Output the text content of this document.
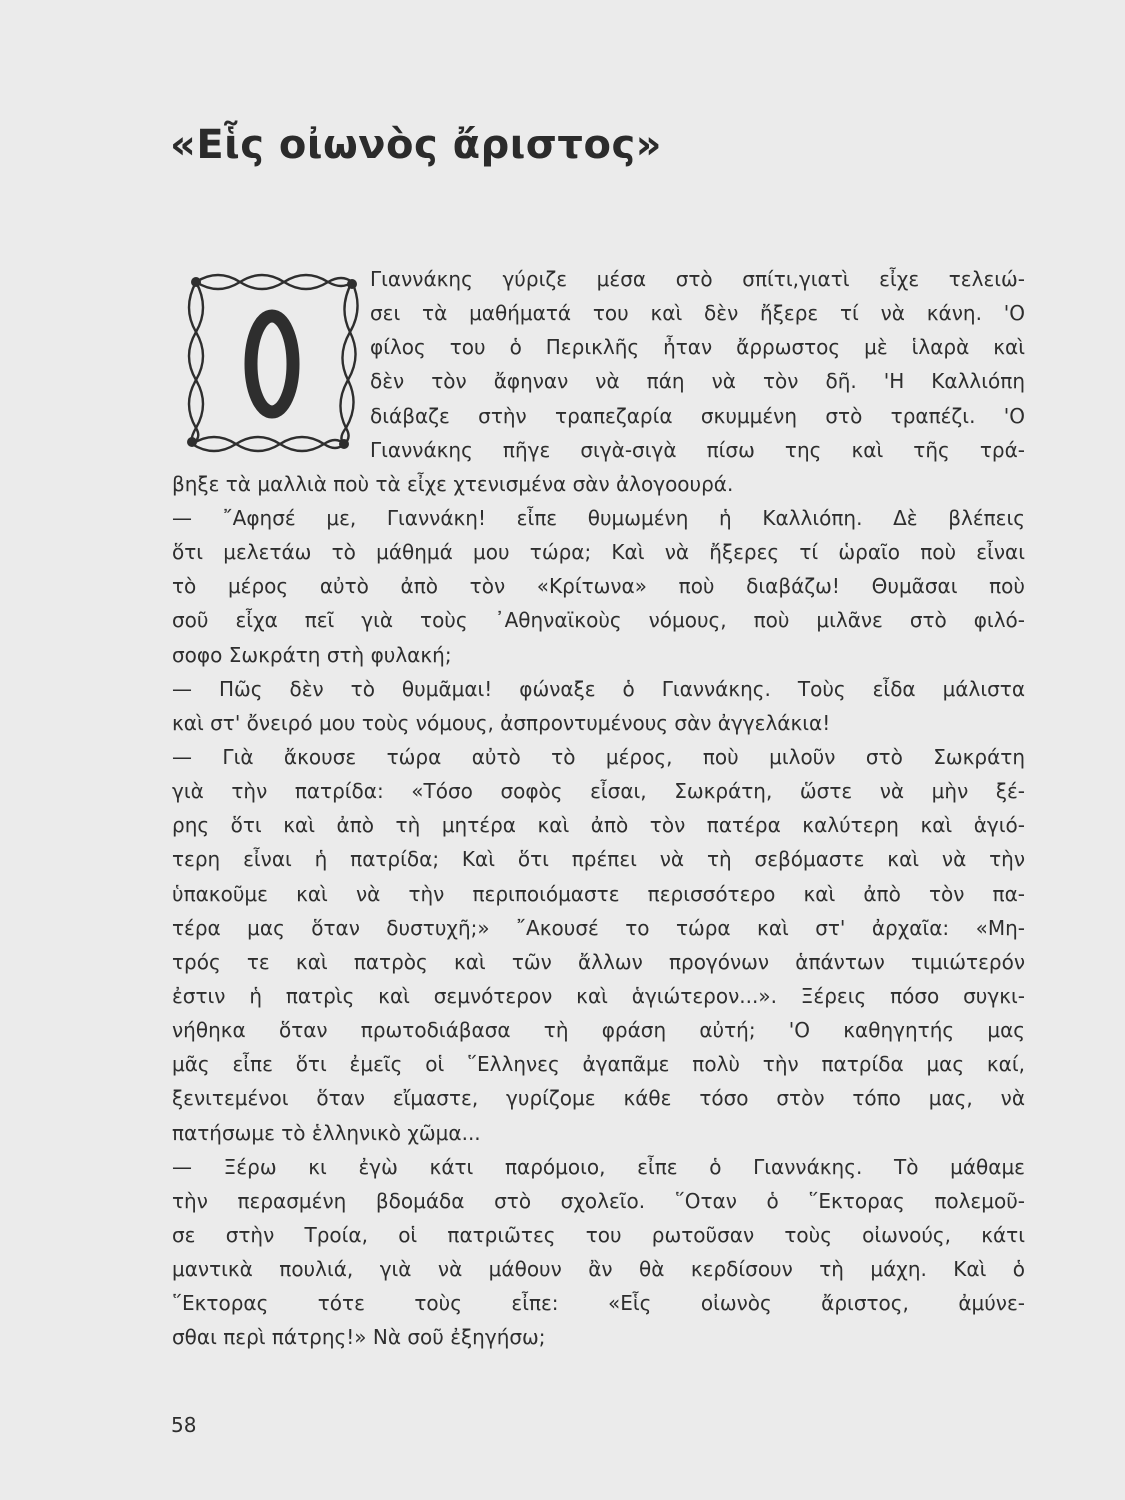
«Εἷς οἰωνὸς ἄριστος»
Ο
Γιαννάκης γύριζε μέσα στὸ σπίτι,γιατὶ εἶχε τελειώ-
σει τὰ μαθήματά του καὶ δὲν ἤξερε τί νὰ κάνη. 'Ο
φίλος του ὁ Περικλῆς ἦταν ἄρρωστος μὲ ἱλαρὰ καὶ
δὲν τὸν ἄφηναν νὰ πάη νὰ τὸν δῆ. 'Η Καλλιόπη
διάβαζε στὴν τραπεζαρία σκυμμένη στὸ τραπέζι. 'Ο
Γιαννάκης πῆγε σιγὰ-σιγὰ πίσω της καὶ τῆς τρά-
βηξε τὰ μαλλιὰ ποὺ τὰ εἶχε χτενισμένα σὰν ἀλογοουρά.
— ῎Αφησέ με, Γιαννάκη! εἶπε θυμωμένη ἡ Καλλιόπη. Δὲ βλέπεις
ὅτι μελετάω τὸ μάθημά μου τώρα; Καὶ νὰ ἤξερες τί ὡραῖο ποὺ εἶναι
τὸ μέρος αὐτὸ ἀπὸ τὸν «Κρίτωνα» ποὺ διαβάζω! Θυμᾶσαι ποὺ
σοῦ εἶχα πεῖ γιὰ τοὺς ᾿Αθηναϊκοὺς νόμους, ποὺ μιλᾶνε στὸ φιλό-
σοφο Σωκράτη στὴ φυλακή;
— Πῶς δὲν τὸ θυμᾶμαι! φώναξε ὁ Γιαννάκης. Τοὺς εἶδα μάλιστα
καὶ στ' ὄνειρό μου τοὺς νόμους, ἀσπροντυμένους σὰν ἀγγελάκια!
— Γιὰ ἄκουσε τώρα αὐτὸ τὸ μέρος, ποὺ μιλοῦν στὸ Σωκράτη
γιὰ τὴν πατρίδα: «Τόσο σοφὸς εἶσαι, Σωκράτη, ὥστε νὰ μὴν ξέ-
ρης ὅτι καὶ ἀπὸ τὴ μητέρα καὶ ἀπὸ τὸν πατέρα καλύτερη καὶ ἁγιό-
τερη εἶναι ἡ πατρίδα; Καὶ ὅτι πρέπει νὰ τὴ σεβόμαστε καὶ νὰ τὴν
ὑπακοῦμε καὶ νὰ τὴν περιποιόμαστε περισσότερο καὶ ἀπὸ τὸν πα-
τέρα μας ὅταν δυστυχῆ;» ῎Ακουσέ το τώρα καὶ στ' ἀρχαῖα: «Μη-
τρός τε καὶ πατρὸς καὶ τῶν ἄλλων προγόνων ἁπάντων τιμιώτερόν
ἐστιν ἡ πατρὶς καὶ σεμνότερον καὶ ἁγιώτερον...». Ξέρεις πόσο συγκι-
νήθηκα ὅταν πρωτοδιάβασα τὴ φράση αὐτή; 'Ο καθηγητής μας
μᾶς εἶπε ὅτι ἐμεῖς οἱ ῞Ελληνες ἀγαπᾶμε πολὺ τὴν πατρίδα μας καί,
ξενιτεμένοι ὅταν εἴμαστε, γυρίζομε κάθε τόσο στὸν τόπο μας, νὰ
πατήσωμε τὸ ἑλληνικὸ χῶμα...
— Ξέρω κι ἐγὼ κάτι παρόμοιο, εἶπε ὁ Γιαννάκης. Τὸ μάθαμε
τὴν περασμένη βδομάδα στὸ σχολεῖο. ῞Οταν ὁ ῞Εκτορας πολεμοῦ-
σε στὴν Τροία, οἱ πατριῶτες του ρωτοῦσαν τοὺς οἰωνούς, κάτι
μαντικὰ πουλιά, γιὰ νὰ μάθουν ἂν θὰ κερδίσουν τὴ μάχη. Καὶ ὁ
῞Εκτορας τότε τοὺς εἶπε: «Εἷς οἰωνὸς ἄριστος, ἀμύνε-
σθαι περὶ πάτρης!» Νὰ σοῦ ἐξηγήσω;
58
